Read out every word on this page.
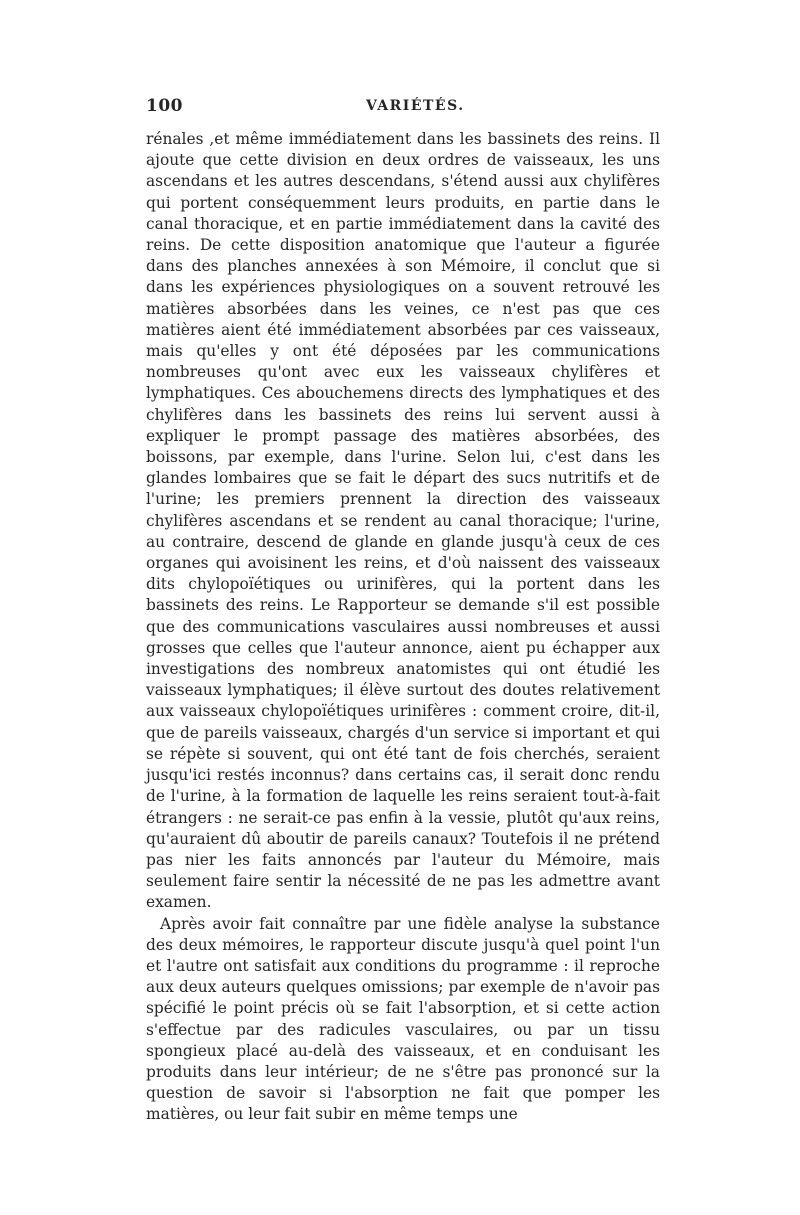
100	VARIÉTÉS.

rénales ,et même immédiatement dans les bassinets des reins. Il ajoute que cette division en deux ordres de vaisseaux, les uns ascendans et les autres descendans, s'étend aussi aux chylifères qui portent conséquemment leurs produits, en partie dans le canal thoracique, et en partie immédiatement dans la cavité des reins. De cette disposition anatomique que l'auteur a figurée dans des planches annexées à son Mémoire, il conclut que si dans les expériences physiologiques on a souvent retrouvé les matières absorbées dans les veines, ce n'est pas que ces matières aient été immédiatement absorbées par ces vaisseaux, mais qu'elles y ont été déposées par les communications nombreuses qu'ont avec eux les vaisseaux chylifères et lymphatiques. Ces abouchemens directs des lymphatiques et des chylifères dans les bassinets des reins lui servent aussi à expliquer le prompt passage des matières absorbées, des boissons, par exemple, dans l'urine. Selon lui, c'est dans les glandes lombaires que se fait le départ des sucs nutritifs et de l'urine; les premiers prennent la direction des vaisseaux chylifères ascendans et se rendent au canal thoracique; l'urine, au contraire, descend de glande en glande jusqu'à ceux de ces organes qui avoisinent les reins, et d'où naissent des vaisseaux dits chylopoïétiques ou urinifères, qui la portent dans les bassinets des reins. Le Rapporteur se demande s'il est possible que des communications vasculaires aussi nombreuses et aussi grosses que celles que l'auteur annonce, aient pu échapper aux investigations des nombreux anatomistes qui ont étudié les vaisseaux lymphatiques; il élève surtout des doutes relativement aux vaisseaux chylopoïétiques urinifères : comment croire, dit-il, que de pareils vaisseaux, chargés d'un service si important et qui se répète si souvent, qui ont été tant de fois cherchés, seraient jusqu'ici restés inconnus? dans certains cas, il serait donc rendu de l'urine, à la formation de laquelle les reins seraient tout-à-fait étrangers : ne serait-ce pas enfin à la vessie, plutôt qu'aux reins, qu'auraient dû aboutir de pareils canaux? Toutefois il ne prétend pas nier les faits annoncés par l'auteur du Mémoire, mais seulement faire sentir la nécessité de ne pas les admettre avant examen.

Après avoir fait connaître par une fidèle analyse la substance des deux mémoires, le rapporteur discute jusqu'à quel point l'un et l'autre ont satisfait aux conditions du programme : il reproche aux deux auteurs quelques omissions; par exemple de n'avoir pas spécifié le point précis où se fait l'absorption, et si cette action s'effectue par des radicules vasculaires, ou par un tissu spongieux placé au-delà des vaisseaux, et en conduisant les produits dans leur intérieur; de ne s'être pas prononcé sur la question de savoir si l'absorption ne fait que pomper les matières, ou leur fait subir en même temps une
